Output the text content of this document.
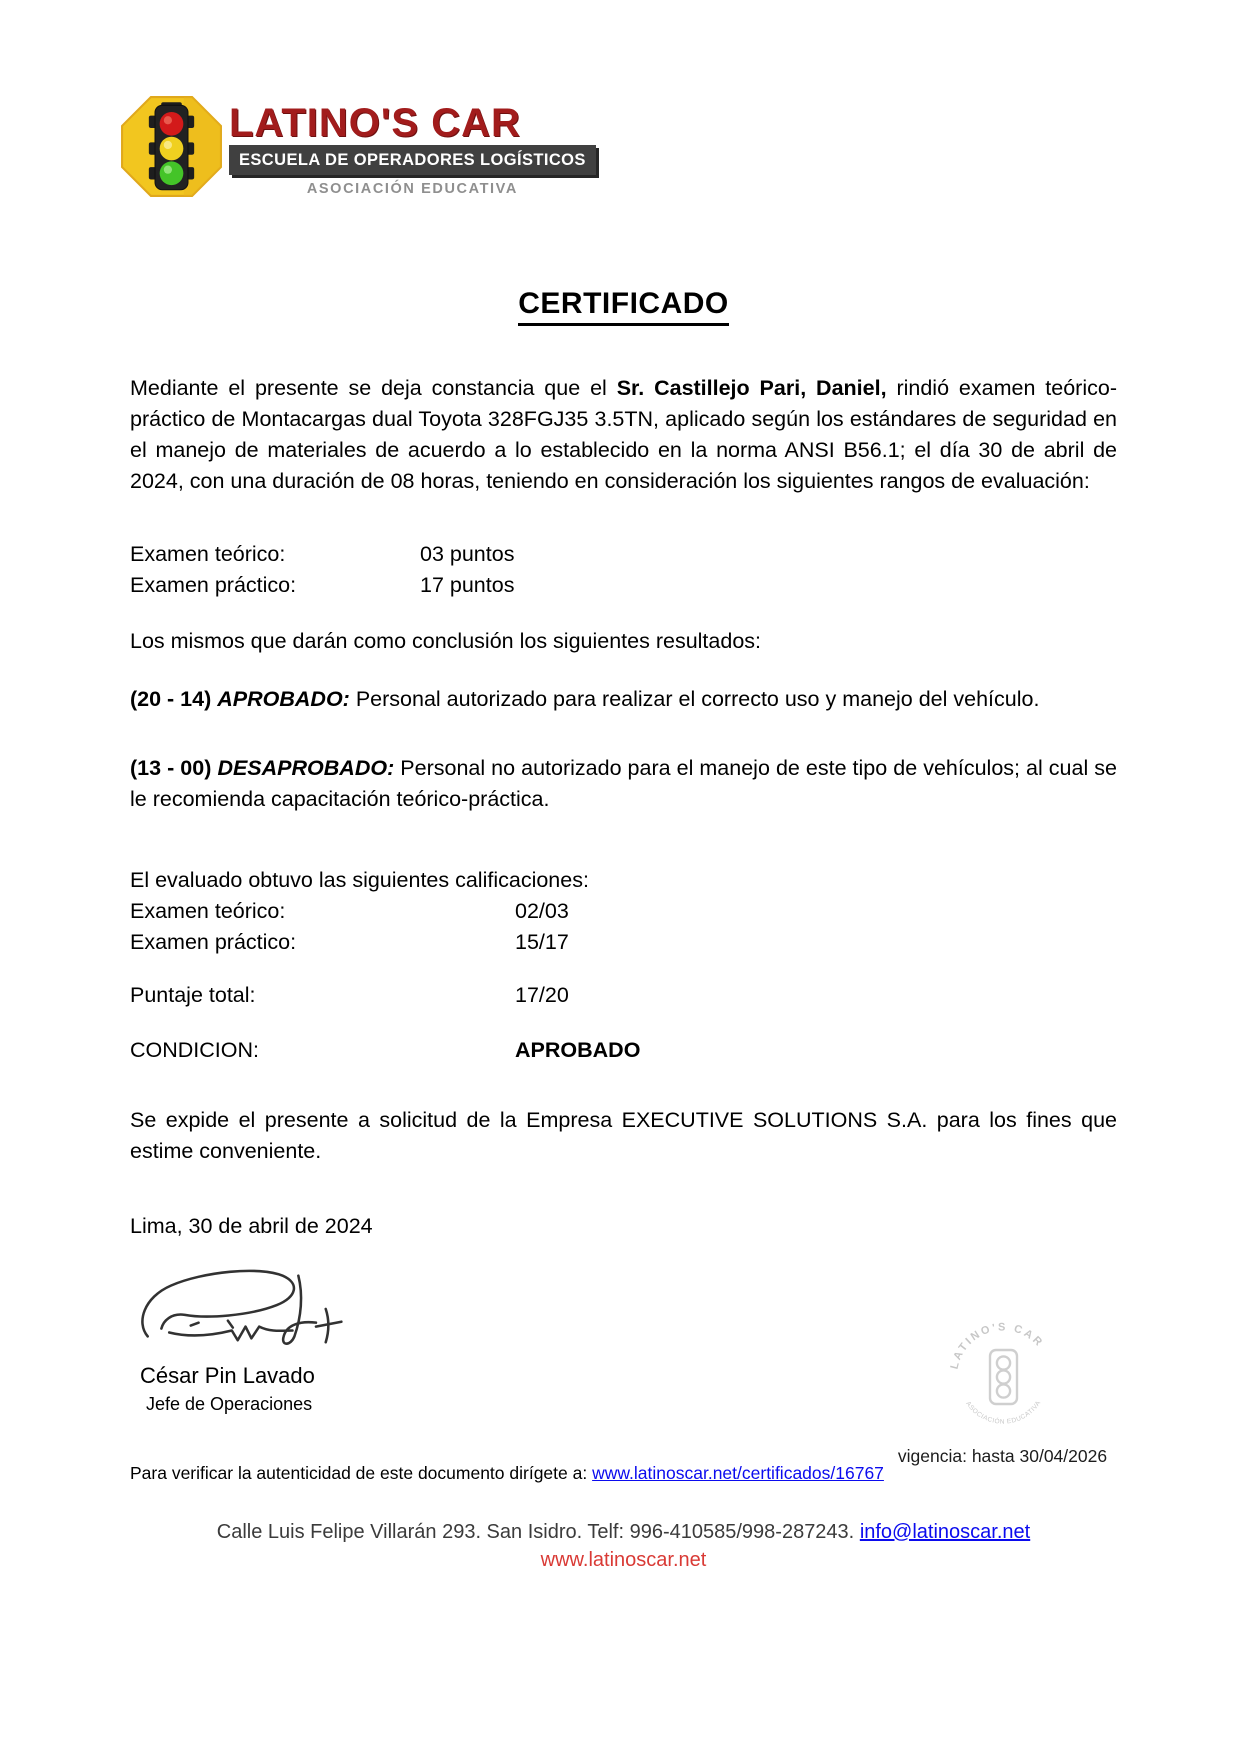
LATINO'S CAR
ESCUELA DE OPERADORES LOGÍSTICOS
ASOCIACIÓN EDUCATIVA
CERTIFICADO

Mediante el presente se deja constancia que el Sr. Castillejo Pari, Daniel, rindió examen teórico-práctico de Montacargas dual Toyota 328FGJ35 3.5TN, aplicado según los estándares de seguridad en el manejo de materiales de acuerdo a lo establecido en la norma ANSI B56.1; el día 30 de abril de 2024, con una duración de 08 horas, teniendo en consideración los siguientes rangos de evaluación:

Examen teórico:	03 puntos
Examen práctico:	17 puntos

Los mismos que darán como conclusión los siguientes resultados:

(20 - 14) APROBADO: Personal autorizado para realizar el correcto uso y manejo del vehículo.

(13 - 00) DESAPROBADO: Personal no autorizado para el manejo de este tipo de vehículos; al cual se le recomienda capacitación teórico-práctica.

El evaluado obtuvo las siguientes calificaciones:
Examen teórico:	02/03
Examen práctico:	15/17
Puntaje total:	17/20
CONDICION:	APROBADO

Se expide el presente a solicitud de la Empresa EXECUTIVE SOLUTIONS S.A. para los fines que estime conveniente.

Lima, 30 de abril de 2024
César Pin Lavado
Jefe de Operaciones
LATINO'S CAR
ASOCIACIÓN EDUCATIVA
vigencia: hasta 30/04/2026
Para verificar la autenticidad de este documento dirígete a: www.latinoscar.net/certificados/16767
Calle Luis Felipe Villarán 293. San Isidro. Telf: 996-410585/998-287243. info@latinoscar.net
www.latinoscar.net
